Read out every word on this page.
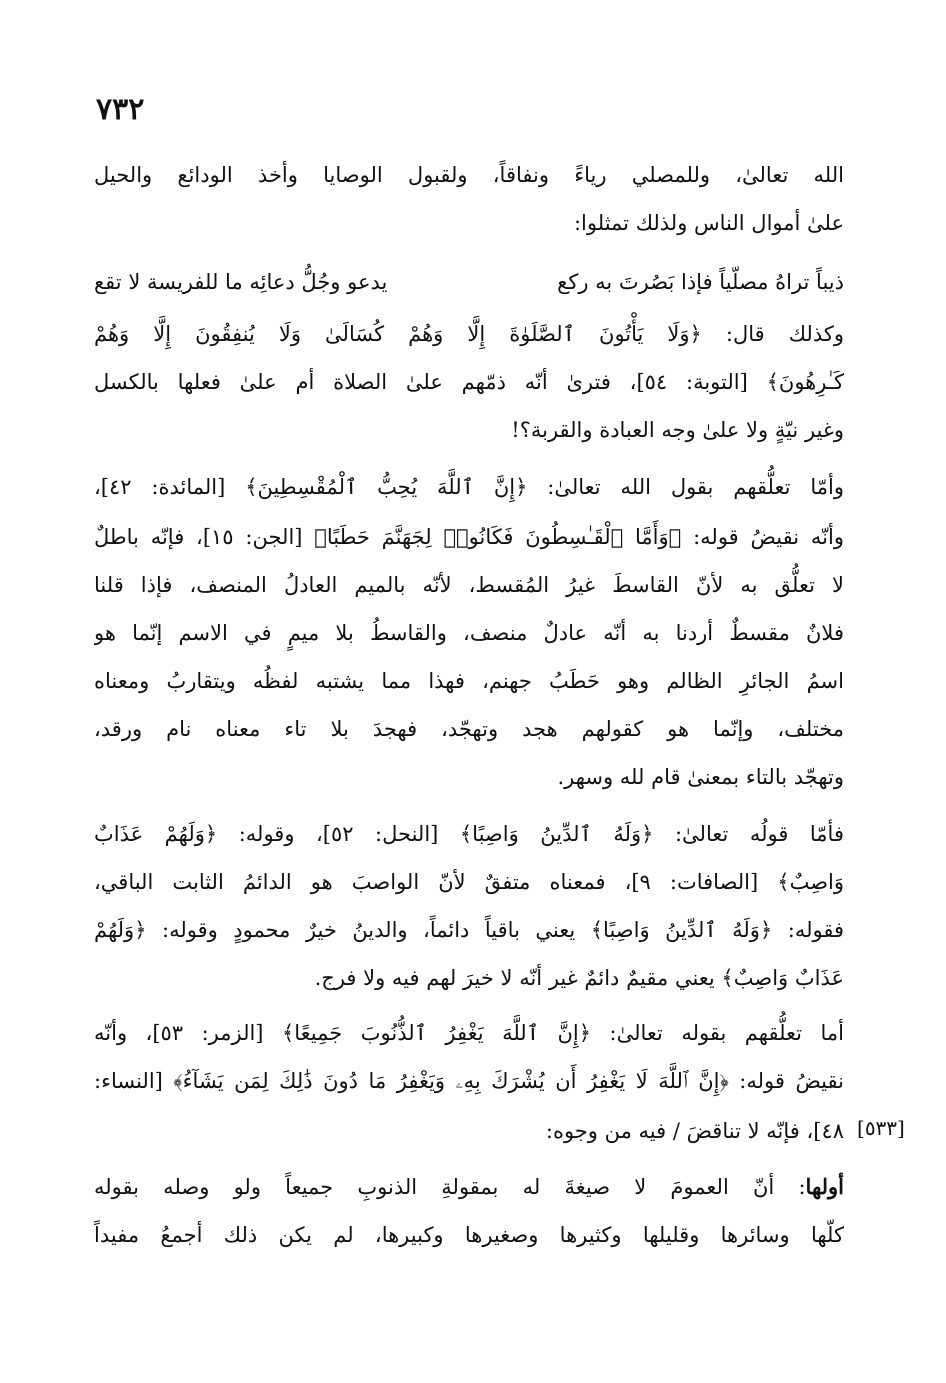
٧٣٢
الله تعالىٰ، وللمصلي رياءً ونفاقاً، ولقبول الوصايا وأخذ الودائع والحيل
علىٰ أموال الناس ولذلك تمثلوا:
ذيباً تراهُ مصلّياً فإذا بَصُرتَ به ركع
يدعو وجُلُّ دعائِه ما للفريسة لا تقع
وكذلك قال: ﴿وَلَا يَأْتُونَ ٱلصَّلَوٰةَ إِلَّا وَهُمْ كُسَالَىٰ وَلَا يُنفِقُونَ إِلَّا وَهُمْ
كَـٰرِهُونَ﴾ [التوبة: ٥٤]، فترىٰ أنّه ذمّهم علىٰ الصلاة أم علىٰ فعلها بالكسل
وغير نيّةٍ ولا علىٰ وجه العبادة والقربة؟!
وأمّا تعلُّقهم بقول الله تعالىٰ: ﴿إِنَّ ٱللَّهَ يُحِبُّ ٱلْمُقْسِطِينَ﴾ [المائدة: ٤٢]،
وأنّه نقيضُ قوله: ﴿وَأَمَّا ٱلْقَـٰسِطُونَ فَكَانُوا۟ لِجَهَنَّمَ حَطَبًا﴾ [الجن: ١٥]، فإنّه باطلٌ
لا تعلُّق به لأنّ القاسطَ غيرُ المُقسط، لأنّه بالميم العادلُ المنصف، فإذا قلنا
فلانٌ مقسطٌ أردنا به أنّه عادلٌ منصف، والقاسطُ بلا ميمٍ في الاسم إنّما هو
اسمُ الجائرِ الظالم وهو حَطَبُ جهنم، فهذا مما يشتبه لفظُه ويتقاربُ ومعناه
مختلف، وإنّما هو كقولهم هجد وتهجّد، فهجدَ بلا تاء معناه نام ورقد،
وتهجّد بالتاء بمعنىٰ قام لله وسهر.
فأمّا قولُه تعالىٰ: ﴿وَلَهُ ٱلدِّينُ وَاصِبًا﴾ [النحل: ٥٢]، وقوله: ﴿وَلَهُمْ عَذَابٌ
وَاصِبٌ﴾ [الصافات: ٩]، فمعناه متفقٌ لأنّ الواصبَ هو الدائمُ الثابت الباقي،
فقوله: ﴿وَلَهُ ٱلدِّينُ وَاصِبًا﴾ يعني باقياً دائماً، والدينُ خيرٌ محمودٍ وقوله: ﴿وَلَهُمْ
عَذَابٌ وَاصِبٌ﴾ يعني مقيمٌ دائمٌ غير أنّه لا خيرَ لهم فيه ولا فرج.
أما تعلُّقهم بقوله تعالىٰ: ﴿إِنَّ ٱللَّهَ يَغْفِرُ ٱلذُّنُوبَ جَمِيعًا﴾ [الزمر: ٥٣]، وأنّه
نقيضُ قوله: ﴿إِنَّ ٱللَّهَ لَا يَغْفِرُ أَن يُشْرَكَ بِهِۦ وَيَغْفِرُ مَا دُونَ ذَٰلِكَ لِمَن يَشَآءُ﴾ [النساء:
٤٨]، فإنّه لا تناقضَ / فيه من وجوه: [٥٣٣]
أولها: أنّ العمومَ لا صيغةَ له بمقولةِ الذنوبِ جميعاً ولو وصله بقوله
كلّها وسائرها وقليلها وكثيرها وصغيرها وكبيرها، لم يكن ذلك أجمعُ مفيداً
